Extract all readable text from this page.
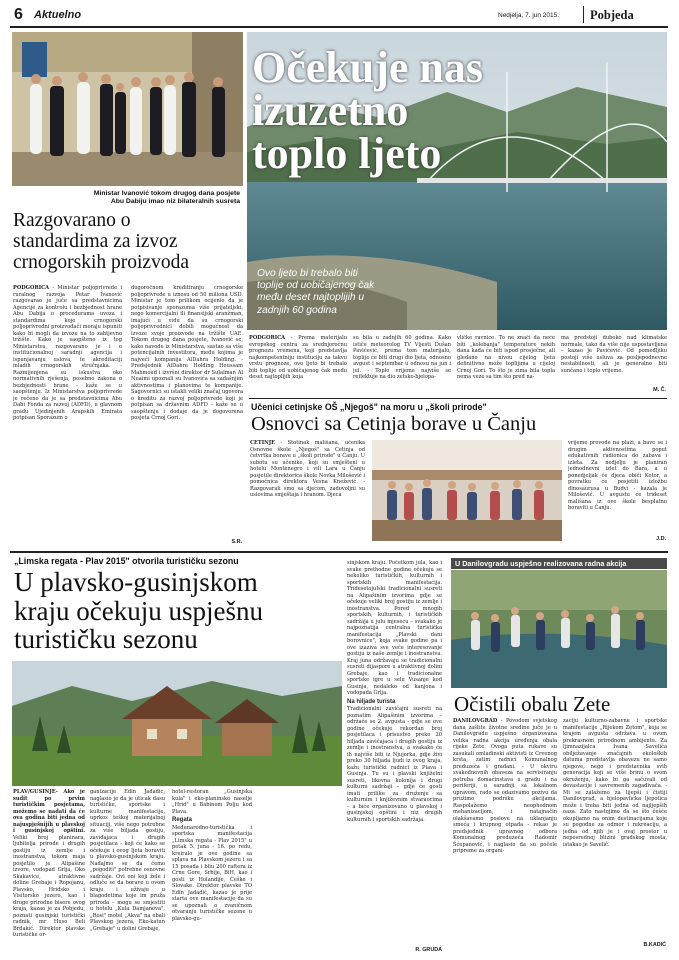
6 Aktuelno	Nedjelja, 7. jun 2015. Pobjeda
Očekuje nas
izuzetno
toplo ljeto
Ovo ljeto bi trebalo biti
toplije od uobičajenog čak
među deset najtoplijih u
zadnjih 60 godina
PODGORICA - Prema materijalu evropskog centra za srednjoročnu prognozu vremena, koji predstavlja najkompetentniju instituciju za takvu vrstu prognoze, ovo ljeto bi trebalo biti toplije od uobičajenog čak među deset najtoplijih koja
su bila u zadnjih 60 godina. Kako ističe meteorolog TV Vijesti Dušan Pavićević, prema tom materijalu, toplije će biti drugi dio ljeta, odnosno avgust i septembar u odnosu na jun i jul. - Toplo vrijeme najviše se reflektuje na dio zetsko-bjelopa-
vličke ravnice. To ne znači da neće biti „kolebanja" temperature nekih dana kada će biti ispod prosječne, ali gledano na nivou cijelog ljeta definitivno može toplijima u cijeloj Crnoj Gori. To što je zima bila topla nema veze sa tim što pred na-
ma predstoji duboko nad klimatske normale, tako da više nije uspostavljena – kazao je Pavićević. Od pomeđljiku postoji više usluva za posljepodnevne nestabilnosti, ali je generalno biti sunčano i toplo vrijeme.
M. Č.
Ministar Ivanović tokom drugog dana posjete
Abu Dabiju imao niz bilateralnih susreta
Razgovarano o
standardima za izvoz
crnogorskih proizvoda
PODGORICA - Ministar poljoprivrede i ruralnog razvoja Petar Ivanović razgovarao je juče sa predstavnicima Agencije za kontrolu i bezbjednost hrane Abu Dabija o procedurama uvoza i standardima koje crnogorski poljoprivredni proizvođači moraju ispuniti kako bi mogli da izvoze na to zahtjevno tržište. Kako je saopšteno iz tog Ministarstva, razgovarano je i o institucionalnoj saradnji agencija i ispunjavanju uslova, te akreditaciji mladih crnogorskih stručnjaka. - Razmijenjena su iskustva oko normativnih rješenja, posebno zakona o bezbjednosti hrane - kaže se u saopštenju. Iz Ministarstva poljoprivrede je rečeno da je sa predstavnicima Abu Dabi Fonda za razvoj (ADFD), u glavnom gradu Ujedinjenih Arapskih Emirata potpisan Sporazum o
dugoročnom kreditiranju crnogorske poljoprivrede u iznosu od 50 miliona USD. Ministar je tom prilikom ocijenio da je potpisivanje sporazuma više prijateljski, nego komercijalni ili finansijski aranžman, imajući u vidu da su crnogorski poljoprivrednici dobili mogućnost da izvoze svoje proizvode na tržište UAE. Tokom drugog dana posjete, Ivanović se, kako navode iz Ministarstva, sastao sa više potencijalnih investitora, među kojima je najveći kompanija AlDahra Holding. - Predsjednik AlDahre Holding Houssam Mahmoud i izvršni direktor dr Sulaiman Al Nuaimi upoznali su Ivanovića sa sadašnjim aktivnostima i planovima te kompanije. Sagovornici su istakli veliki značaj ugovora o kreditu za razvoj poljoprivrede koji je potpisan sa državnim ADFD - kaže se u saopštenju i dodaje da je dogovorena posjeta Crnoj Gori.
S.R.
Učenici cetinjske OŠ „Njegoš" na moru u „školi prirode"
Osnovci sa Cetinja borave u Čanju
CETINJE - Stotinak mališana, učenika Osnovne škole „Njegoš" sa Cetinja od četvrtka borave u „školi prirode" u Čanju. U subotu su učenike, koji su smješteni u hotelu Montenegro i vili Lara u Čanju posjetile direktorica škole Novka Milošević i pomoćnica direktora Vesna Knežević. - Razgovarali smo sa djecom, zadovoljni su uslovima smještaja i hranom. Djeca
vrijeme provode na plaži, a bave se i drugim aktivnostima poput edukativnih radionica do zabava i izleta. Za nedjelju je planiran jednodnevni izlet do Bara, a u ponedjeljak će djeca obići Kotor, a povratku će posjetiti izložbu dinosaurusa u Budvi - kazala je Milošević. U avgustu će trideset mališana iz ove škole besplatno boraviti u Čanju.
J.D.
„Limska regata - Plav 2015" otvorila turističku sezonu
U plavsko-gusinjskom
kraju očekuju uspješnu
turističku sezonu
PLAV/GUSINJE- Ako je sudit po prvim turističkim posjetama, možemo se nadati da će ova godina biti jedna od najuspješnijih u plavskoj i gusinjskoj opštini. Veliki broj planinara, ljubitelja prirode i drugih gostiju iz zemlje i inostranstva, tokom maja posjetilo je Alipašine izvore, vodopad Grlja, Oko Skakavice, atraktivne doline Grebaje i Ropojanu, Plavsko, Hridsko i Visitorsko jezero, kao i druge prirodne bisere ovog kraja, kazao je za Pobjedu, poznati gusinjski turistički radnik, mr Huso Beli Brdakić. Direktor plavske turističke or-
ganizacije Edin Jadadić, naglasio je da je uticak dasu turističke, sportske i kulturne manifestacije, uprkos teškoj materijalnoj situaciji, više nego potrebne za više biljada gostiju, zaviđajaca i drugih posjetilaca - koji će kako se očekuje i ovog ljeta boraviti u plavsko-gusinjskom kraju. Nadajmo se da ćemo „pogoditi" potrebne osnovne sadržaje. Ovi oni koji žele i odluče se da borave u ovom kraju i uživaju u blagodetima koje im pruža priroda – mogu se smjestiti u hotelu „Kula Damjanova", „Rosi" motel „Akva" na obali Plavskog jezera, Eko-katun „Grebaje" u dolini Grebaje,
hotel-restoran „Gusinjska kula" i eko-planinsko naselje „Hrid" u Babinom Polju kod Plava.
Regata
Međunarodno-turistička i sportska manifestacija „Limska regata - Plav 2015" u petak 5. juna - 16. po redu, kreiralo je ove godine sa splava na Plavskom jezeru i sa 15 posada i bliu 200 raftera iz Crne Gore, Srbije, BiH, kao i gosti iz Holandije, Češke i Slovake. Direktor plavske TO Edin Jadadić, kazao je prije starta ove manifestacije da su se upoznali o zvaničnom otvaranju turističke sezone u plavsko-gu-
sinjskom kraju. Početkom jula, kao i svake prethodne godine očekuju se nekoliko turističkih, kulturnih i sportskih manifestacija. Tridesetojulski tradicionalni susreti na Alipašinim izvorima gdje se očekuje veliki broj gostiju iz zemlje i inostranstva. Pored mnogih sportskih, kulturnih, i turističkih sadržaja u julu mjesecu – svakako je najpoznatija centralna turistička manifestacija „Plavski dani borovnice", koja svake godine pa i ove izaziva sve veće interesovanje gostiju iz naše zemlje i inostranstva. Kraj juna održavaju se tradicionalni susreti dijaspore u atraktivnoj dolini Grebaje, kao i tradicionalne sportske igre u selu Vusanje kod Gusinja, nedaleko od kanjona i vodopada Grlja.
Na hiljade turista
Tradicionalni zavičajni susreti na poznatim Alipašinim izvorima – održaće se 2. avgusta - gdje se ove godine očekuje rekordan broj posjetilaca i prisustvo preko 20 hiljada zavičajaca i drugih gostiju iz zemlje i inostranstva, a svakako će ih najviše biti iz Njujorka, gdje živi preko 30 hiljada ljudi iz ovog kraja, kažu turistički radnici iz Plava i Gusinja. Tu su i plavski knjiželni susreti, likovna kolonija i drugi kulturni sadržaji – gdje će gosti imati priliku za druženje sa kulturnim i književnim stvaraocima – a biće organizovano u plavskoj i gusinjskoj opštini i niz drugih kulturnih i sportskih sadržaja.
R. GRUDA
U Danilovgradu uspješno realizovana radna akcija
Očistili obalu Zete
DANILOVGRAD - Povodom svjetskog dana zaštite životne sredine juče je u Danilovgradu uspješno organizovana velika radna akcija uređenja obala rijeke Zete. Ovoga puta rukave su zasukali omladinski aktivisti iz Crvenog krsta, zatim radnici Komunalnog preduzeća i građani. - U okviru svakodnevnih obaveza na servisiranju potreba domaćinstava u gradu i na periferiji, u saradnji sa lokalnom upravom, rado se odazivamo pozivu da pružimo podršku akcijama. Raspolažemo neophodnom mehanizacijom, i natajnačin olakšavamo poslove na uklanjanju smeća i krupnog otpada - rekao je predsjednik upravnog odbora Komunalnog preduzeća Radomir Šćepanović, i naglasio da su počele pripreme za organi-
zaciju kulturno-zabavne i sportske manifestacije „Rijekom Zetom", koja se krajem avgusta održava u ovom prekrasnom prirodnom ambijentu. Za ljimnazijalca Ivana Savelića obilježavanje značajnih ekoloških datuma predstavlja obavezu ne samo njegove, nego i predstavnika svih generacija koji se više brinu o svom okruženju, kako bi ga sačuvali od devastacije i savremenih zagađivača. - Mi se zalažemo za lijepši i čistiji Danilovgrad, a bjelopavlićka ljepotica može i treba biti jedna od najljepših oaza. Zato nastojimo da se što češće okupljamo na onim destinacijama koje su pogodne za odmor i rekreaciju, a jedna od njih je i ovaj prostor u neposrednoj blizini gradskog mosta, istakao je Savelić.
B.KADIĆ
